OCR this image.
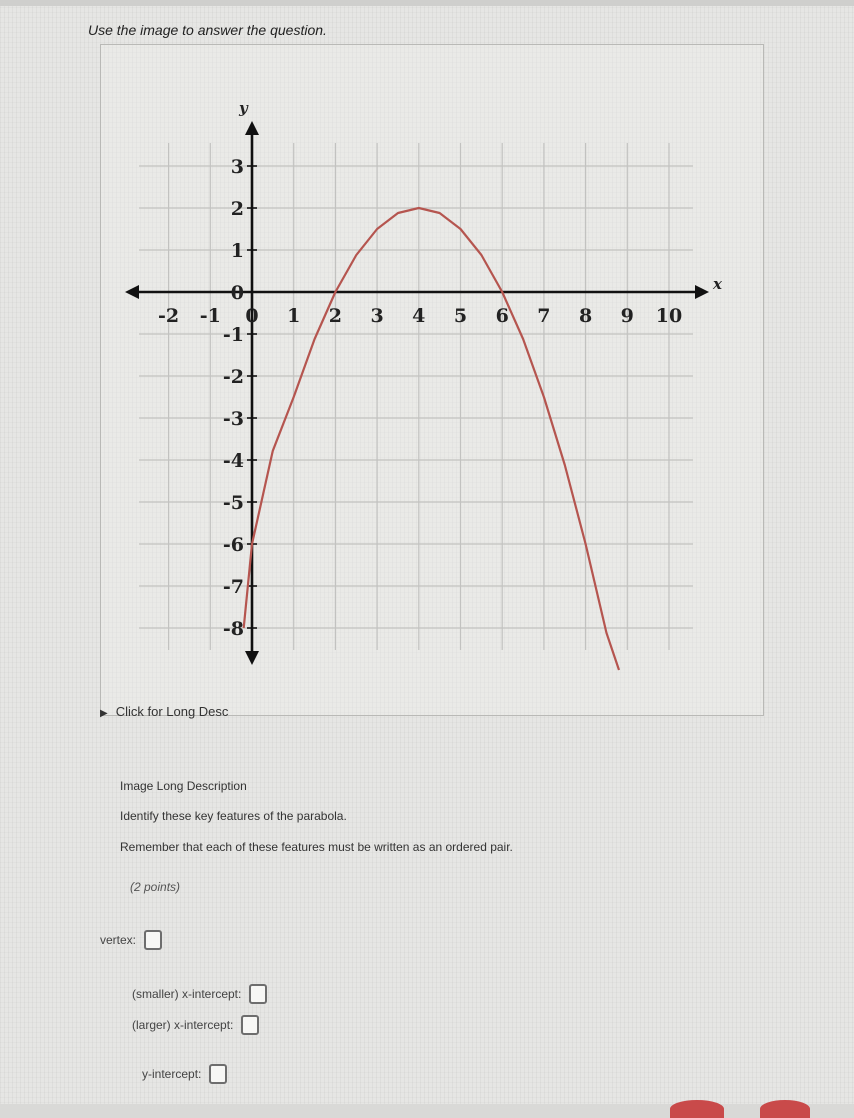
Use the image to answer the question.
y
x
-2 -1 0 1 2 3 4 5 6 7 8 9 10
3
2
1
0
-1
-2
-3
-4
-5
-6
-7
-8
▶ Click for Long Desc
Image Long Description
Identify these key features of the parabola.
Remember that each of these features must be written as an ordered pair.
(2 points)
vertex:
(smaller) x-intercept:
(larger) x-intercept:
y-intercept:
